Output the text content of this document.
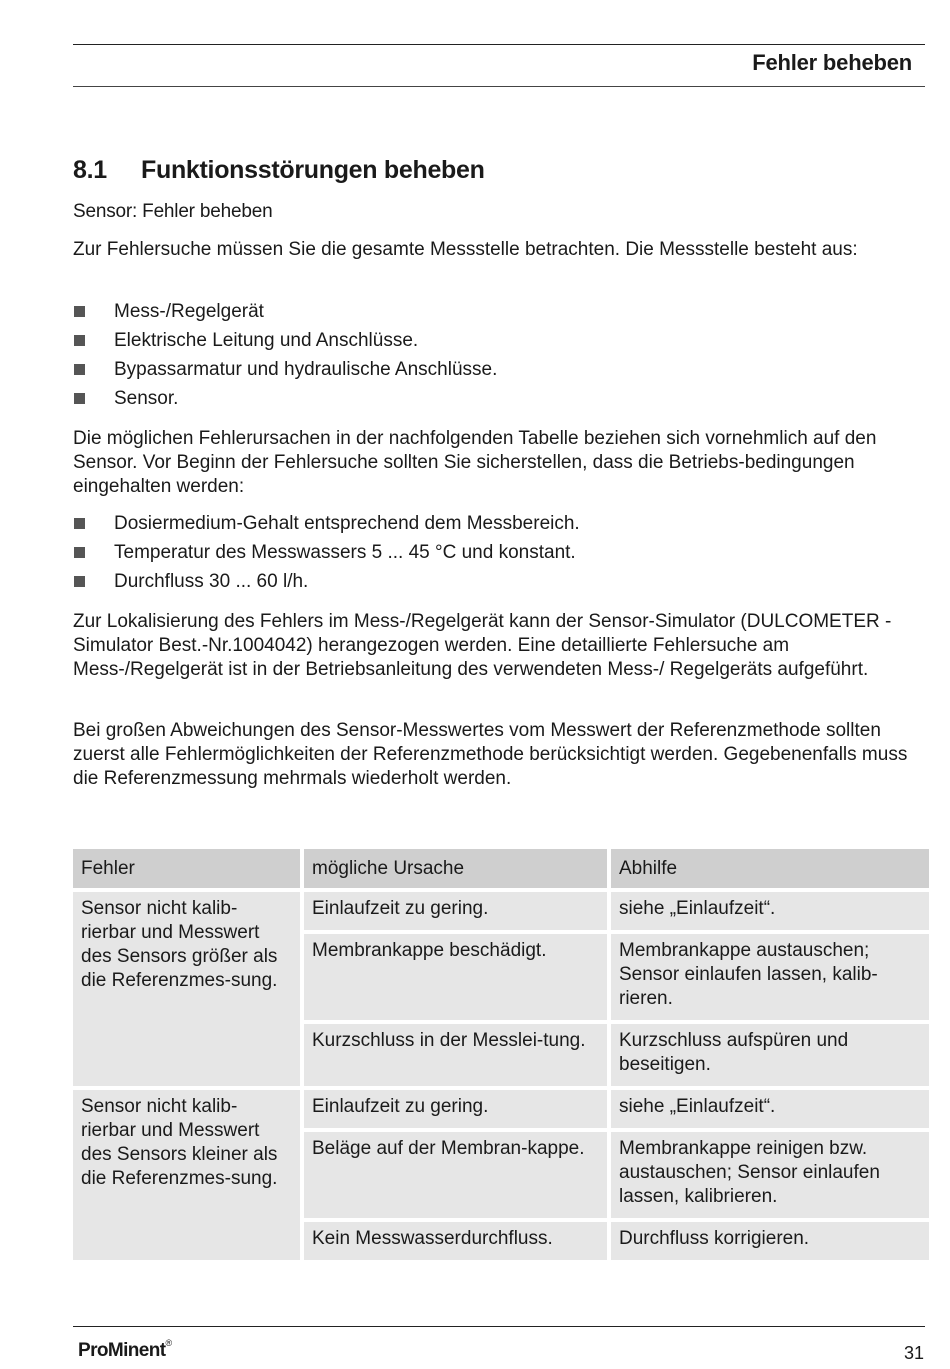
Fehler beheben
8.1 Funktionsstörungen beheben
Sensor: Fehler beheben

Zur Fehlersuche müssen Sie die gesamte Messstelle betrachten. Die Messstelle besteht aus:

Mess-/Regelgerät
Elektrische Leitung und Anschlüsse.
Bypassarmatur und hydraulische Anschlüsse.
Sensor.

Die möglichen Fehlerursachen in der nachfolgenden Tabelle beziehen sich vornehmlich auf den Sensor. Vor Beginn der Fehlersuche sollten Sie sicherstellen, dass die Betriebs-bedingungen eingehalten werden:

Dosiermedium-Gehalt entsprechend dem Messbereich.
Temperatur des Messwassers 5 ... 45 °C und konstant.
Durchfluss 30 ... 60 l/h.

Zur Lokalisierung des Fehlers im Mess-/Regelgerät kann der Sensor-Simulator (DULCOMETER -Simulator Best.-Nr.1004042) herangezogen werden. Eine detaillierte Fehlersuche am Mess-/Regelgerät ist in der Betriebsanleitung des verwendeten Mess-/ Regelgeräts aufgeführt.

Bei großen Abweichungen des Sensor-Messwertes vom Messwert der Referenzmethode sollten zuerst alle Fehlermöglichkeiten der Referenzmethode berücksichtigt werden. Gegebenenfalls muss die Referenzmessung mehrmals wiederholt werden.

Fehler	mögliche Ursache	Abhilfe
Sensor nicht kalib-rierbar und Messwert des Sensors größer als die Referenzmes-sung.	Einlaufzeit zu gering.	siehe „Einlaufzeit“.
	Membrankappe beschädigt.	Membrankappe austauschen; Sensor einlaufen lassen, kalib-rieren.
	Kurzschluss in der Messlei-tung.	Kurzschluss aufspüren und beseitigen.
Sensor nicht kalib-rierbar und Messwert des Sensors kleiner als die Referenzmes-sung.	Einlaufzeit zu gering.	siehe „Einlaufzeit“.
	Beläge auf der Membran-kappe.	Membrankappe reinigen bzw. austauschen; Sensor einlaufen lassen, kalibrieren.
	Kein Messwasserdurchfluss.	Durchfluss korrigieren.
ProMinent®	31
